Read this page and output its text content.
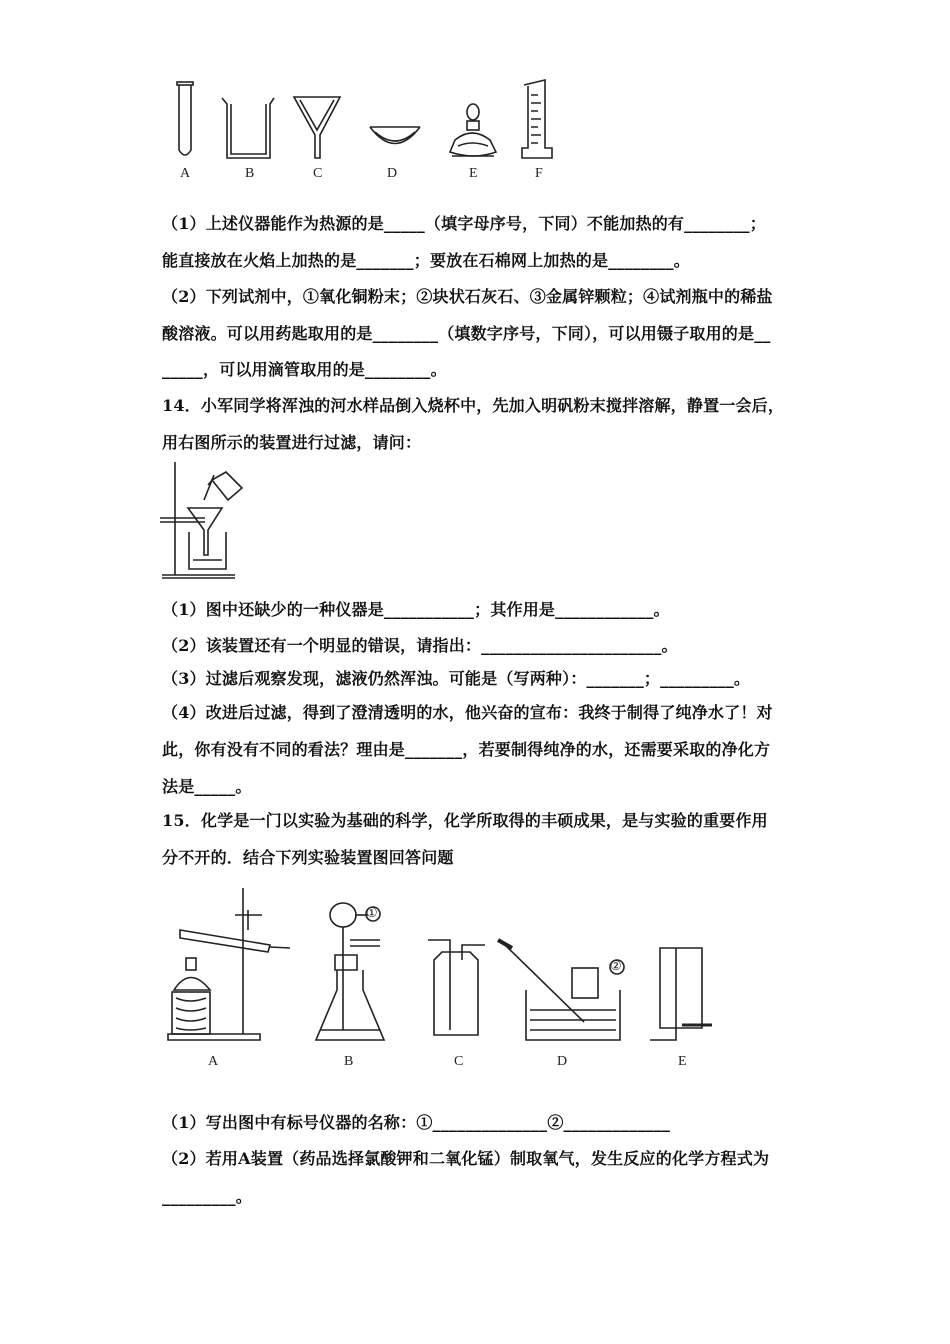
A	B	C	D	E	F
（1）上述仪器能作为热源的是_____（填字母序号，下同）不能加热的有________；
能直接放在火焰上加热的是_______；要放在石棉网上加热的是________。
（2）下列试剂中，①氧化铜粉末；②块状石灰石、③金属锌颗粒；④试剂瓶中的稀盐
酸溶液。可以用药匙取用的是________（填数字序号，下同），可以用镊子取用的是__
_____，可以用滴管取用的是________。
14．小军同学将浑浊的河水样品倒入烧杯中，先加入明矾粉末搅拌溶解，静置一会后，
用右图所示的装置进行过滤，请问：
（1）图中还缺少的一种仪器是___________；其作用是____________。
（2）该装置还有一个明显的错误，请指出：______________________。
（3）过滤后观察发现，滤液仍然浑浊。可能是（写两种）：_______；_________。
（4）改进后过滤，得到了澄清透明的水，他兴奋的宣布：我终于制得了纯净水了！对
此，你有没有不同的看法？理由是_______，若要制得纯净的水，还需要采取的净化方
法是_____。
15．化学是一门以实验为基础的科学，化学所取得的丰硕成果，是与实验的重要作用
分不开的．结合下列实验装置图回答问题
①
②
A	B	C	D	E
（1）写出图中有标号仪器的名称：①______________②_____________
（2）若用A装置（药品选择氯酸钾和二氧化锰）制取氧气，发生反应的化学方程式为
_________。
